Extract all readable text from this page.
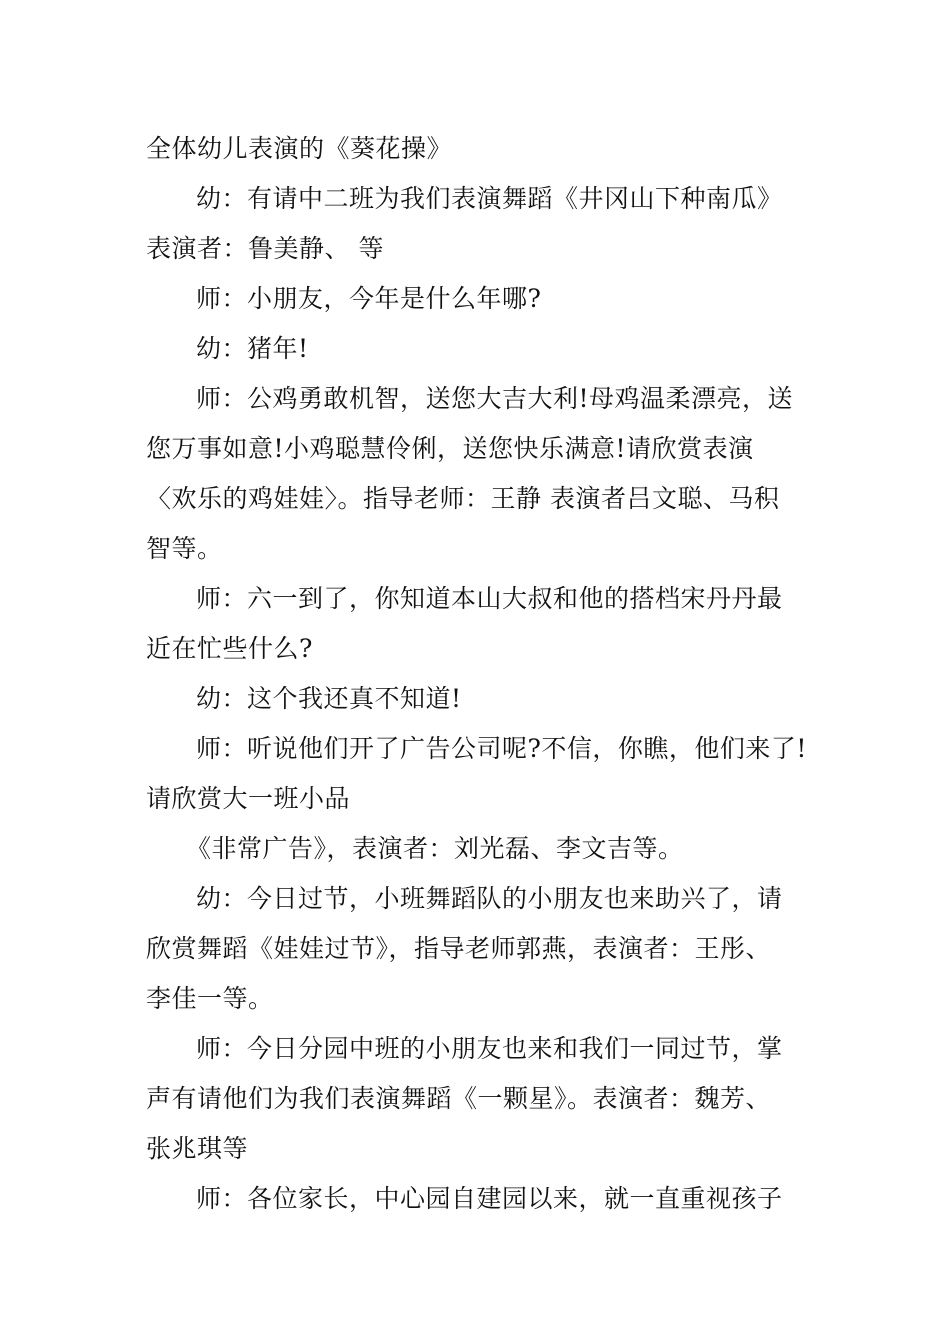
全体幼儿表演的《葵花操》
幼：有请中二班为我们表演舞蹈《井冈山下种南瓜》
表演者：鲁美静、 等
师：小朋友，今年是什么年哪?
幼：猪年!
师：公鸡勇敢机智，送您大吉大利!母鸡温柔漂亮，送
您万事如意!小鸡聪慧伶俐，送您快乐满意!请欣赏表演
〈欢乐的鸡娃娃〉。指导老师：王静 表演者吕文聪、马积
智等。
师：六一到了，你知道本山大叔和他的搭档宋丹丹最
近在忙些什么?
幼：这个我还真不知道!
师：听说他们开了广告公司呢?不信，你瞧，他们来了!
请欣赏大一班小品
《非常广告》，表演者：刘光磊、李文吉等。
幼：今日过节，小班舞蹈队的小朋友也来助兴了，请
欣赏舞蹈《娃娃过节》，指导老师郭燕，表演者：王彤、
李佳一等。
师：今日分园中班的小朋友也来和我们一同过节，掌
声有请他们为我们表演舞蹈《一颗星》。表演者：魏芳、
张兆琪等
师：各位家长，中心园自建园以来，就一直重视孩子
